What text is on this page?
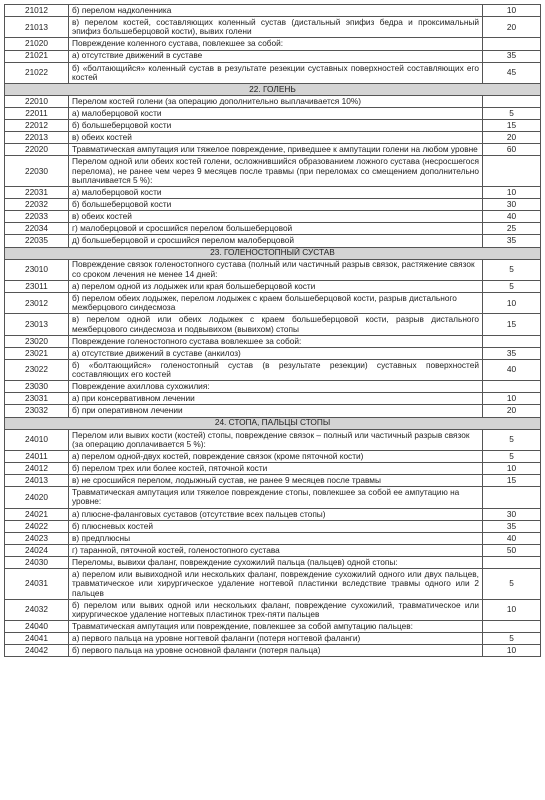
21012	б) перелом надколенника	10
21013	в) перелом костей, составляющих коленный сустав (дистальный эпифиз бедра и проксимальный эпифиз большеберцовой кости), вывих голени	20
21020	Повреждение коленного сустава, повлекшее за собой:	
21021	а) отсутствие движений в суставе	35
21022	б) «болтающийся» коленный сустав в результате резекции суставных поверхностей составляющих его костей	45
22. ГОЛЕНЬ		
22010	Перелом костей голени (за операцию дополнительно выплачивается 10%)	
22011	а) малоберцовой кости	5
22012	б) большеберцовой кости	15
22013	в) обеих костей	20
22020	Травматическая ампутация или тяжелое повреждение, приведшее к ампутации голени на любом уровне	60
22030	Перелом одной или обеих костей голени, осложнившийся образованием ложного сустава (несросшегося перелома), не ранее чем через 9 месяцев после травмы (при переломах со смещением дополнительно выплачивается 5 %):	
22031	а) малоберцовой кости	10
22032	б) большеберцовой кости	30
22033	в) обеих костей	40
22034	г) малоберцовой и сросшийся перелом большеберцовой	25
22035	д) большеберцовой и сросшийся перелом малоберцовой	35
23. ГОЛЕНОСТОПНЫЙ СУСТАВ		
23010	Повреждение связок голеностопного сустава (полный или частичный разрыв связок, растяжение связок со сроком лечения не менее 14 дней:	5
23011	а) перелом одной из лодыжек или края большеберцовой кости	5
23012	б) перелом обеих лодыжек, перелом лодыжек с краем большеберцовой кости, разрыв дистального межберцового синдесмоза	10
23013	в) перелом одной или обеих лодыжек с краем большеберцовой кости, разрыв дистального межберцового синдесмоза и подвывихом (вывихом) стопы	15
23020	Повреждение голеностопного сустава вовлекшее за собой:	
23021	а) отсутствие движений в суставе (анкилоз)	35
23022	б) «болтающийся» голеностопный сустав (в результате резекции) суставных поверхностей составляющих его костей	40
23030	Повреждение ахиллова сухожилия:	
23031	а) при консервативном лечении	10
23032	б) при оперативном лечении	20
24. СТОПА, ПАЛЬЦЫ СТОПЫ		
24010	Перелом или вывих кости (костей) стопы, повреждение связок – полный или частичный разрыв связок (за операцию доплачивается 5 %):	5
24011	а) перелом одной-двух костей, повреждение связок (кроме пяточной кости)	5
24012	б) перелом трех или более костей, пяточной кости	10
24013	в) не сросшийся перелом, лодыжный сустав, не ранее 9 месяцев после травмы	15
24020	Травматическая ампутация или тяжелое повреждение стопы, повлекшее за собой ее ампутацию на уровне:	
24021	а) плюсне-фаланговых суставов (отсутствие всех пальцев стопы)	30
24022	б) плюсневых костей	35
24023	в) предплюсны	40
24024	г) таранной, пяточной костей, голеностопного сустава	50
24030	Переломы, вывихи фаланг, повреждение сухожилий пальца (пальцев) одной стопы:	
24031	а) перелом или вывиходной или нескольких фаланг, повреждение сухожилий одного или двух пальцев, травматическое или хирургическое удаление ногтевой пластинки вследствие травмы одного или 2 пальцев	5
24032	б) перелом или вывих одной или нескольких фаланг, повреждение сухожилий, травматическое или хирургическое удаление ногтевых пластинок трех-пяти пальцев	10
24040	Травматическая ампутация или повреждение, повлекшее за собой ампутацию пальцев:	
24041	а) первого пальца на уровне ногтевой фаланги (потеря ногтевой фаланги)	5
24042	б) первого пальца на уровне основной фаланги (потеря пальца)	10
